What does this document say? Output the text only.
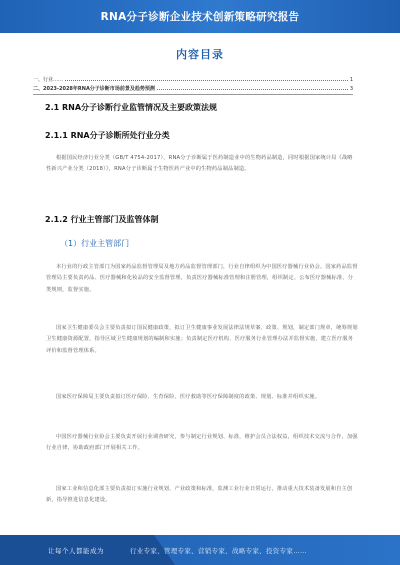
RNA分子诊断企业技术创新策略研究报告
内容目录
一、行业……	1
二、2023-2028年RNA分子诊断市场前景及趋势预测	3
2.1 RNA分子诊断行业监管情况及主要政策法规
2.1.1 RNA分子诊断所处行业分类

根据国民经济行业分类（GB/T 4754-2017），RNA分子诊断属于医药制造业中的生物药品制造，同时根据国家统计局《战略性新兴产业分类（2018）》，RNA分子诊断属于生物医药产业中的生物药品制品制造。

2.1.2 行业主管部门及监管体制
（1）行业主管部门

本行业的行政主管部门为国家药品监督管理局及地方药品监督管理部门，行业自律组织为中国医疗器械行业协会。国家药品监督管理局主要负责药品、医疗器械和化妆品的安全监督管理，负责医疗器械标准管理和注册管理，组织制定、公布医疗器械标准、分类规则，监督实施。

国家卫生健康委员会主要负责拟订国民健康政策，拟订卫生健康事业发展法律法规草案、政策、规划，制定部门规章，统筹规划卫生健康资源配置，指导区域卫生健康规划的编制和实施；负责制定医疗机构、医疗服务行业管理办法并监督实施，建立医疗服务评价和监督管理体系。

国家医疗保障局主要负责拟订医疗保险、生育保险、医疗救助等医疗保障制度的政策、规划、标准并组织实施。

中国医疗器械行业协会主要负责开展行业调查研究，参与制定行业规划、标准，维护会员合法权益，组织技术交流与合作，加强行业自律，协助政府部门开展相关工作。

国家工业和信息化部主要负责拟订实施行业规划、产业政策和标准，监测工业行业日常运行，推动重大技术装备发展和自主创新，指导推进信息化建设。

让每个人都能成为	行业专家、管理专家、营销专家、战略专家、投资专家……
